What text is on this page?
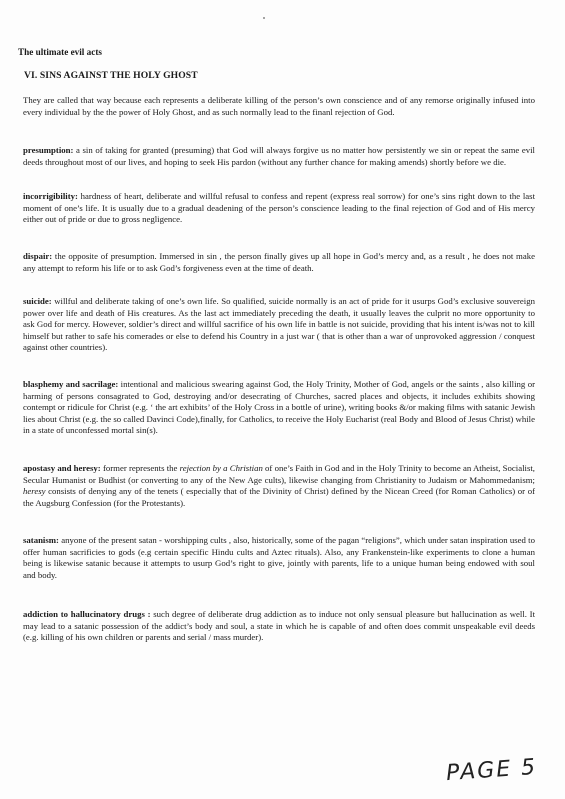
The ultimate evil acts
VI. SINS AGAINST THE HOLY GHOST
They are called that way because each represents a deliberate killing of the person’s own conscience and of any remorse originally infused into every individual by the the power of Holy Ghost, and as such normally lead to the finanl rejection of God.
presumption: a sin of taking for granted (presuming) that God will always forgive us no matter how persistently we sin or repeat the same evil deeds throughout most of our lives, and hoping to seek His pardon (without any further chance for making amends) shortly before we die.
incorrigibility: hardness of heart, deliberate and willful refusal to confess and repent (express real sorrow) for one’s sins right down to the last moment of one’s life. It is usually due to a gradual deadening of the person’s conscience leading to the final rejection of God and of His mercy either out of pride or due to gross negligence.
dispair: the opposite of presumption. Immersed in sin , the person finally gives up all hope in God’s mercy and, as a result , he does not make any attempt to reform his life or to ask God’s forgiveness even at the time of death.
suicide: willful and deliberate taking of one’s own life. So qualified, suicide normally is an act of pride for it usurps God’s exclusive souvereign power over life and death of His creatures. As the last act immediately preceding the death, it usually leaves the culprit no more opportunity to ask God for mercy. However, soldier’s direct and willful sacrifice of his own life in battle is not suicide, providing that his intent is/was not to kill himself but rather to safe his comerades or else to defend his Country in a just war ( that is other than a war of unprovoked aggression / conquest against other countries).
blasphemy and sacrilage: intentional and malicious swearing against God, the Holy Trinity, Mother of God, angels or the saints , also killing or harming of persons consagrated to God, destroying and/or desecrating of Churches, sacred places and objects, it includes exhibits showing contempt or ridicule for Christ (e.g. ‘ the art exhibits’ of the Holy Cross in a bottle of urine), writing books &/or making films with satanic Jewish lies about Christ (e.g. the so called Davinci Code),finally, for Catholics, to receive the Holy Eucharist (real Body and Blood of Jesus Christ) while in a state of unconfessed mortal sin(s).
apostasy and heresy: former represents the rejection by a Christian of one’s Faith in God and in the Holy Trinity to become an Atheist, Socialist, Secular Humanist or Budhist (or converting to any of the New Age cults), likewise changing from Christianity to Judaism or Mahommedanism; heresy consists of denying any of the tenets ( especially that of the Divinity of Christ) defined by the Nicean Creed (for Roman Catholics) or of the Augsburg Confession (for the Protestants).
satanism: anyone of the present satan - worshipping cults , also, historically, some of the pagan “religions”, which under satan inspiration used to offer human sacrificies to gods (e.g certain specific Hindu cults and Aztec rituals). Also, any Frankenstein-like experiments to clone a human being is likewise satanic because it attempts to usurp God’s right to give, jointly with parents, life to a unique human being endowed with soul and body.
addiction to hallucinatory drugs : such degree of deliberate drug addiction as to induce not only sensual pleasure but hallucination as well. It may lead to a satanic possession of the addict’s body and soul, a state in which he is capable of and often does commit unspeakable evil deeds (e.g. killing of his own children or parents and serial / mass murder).
PAGE 5
